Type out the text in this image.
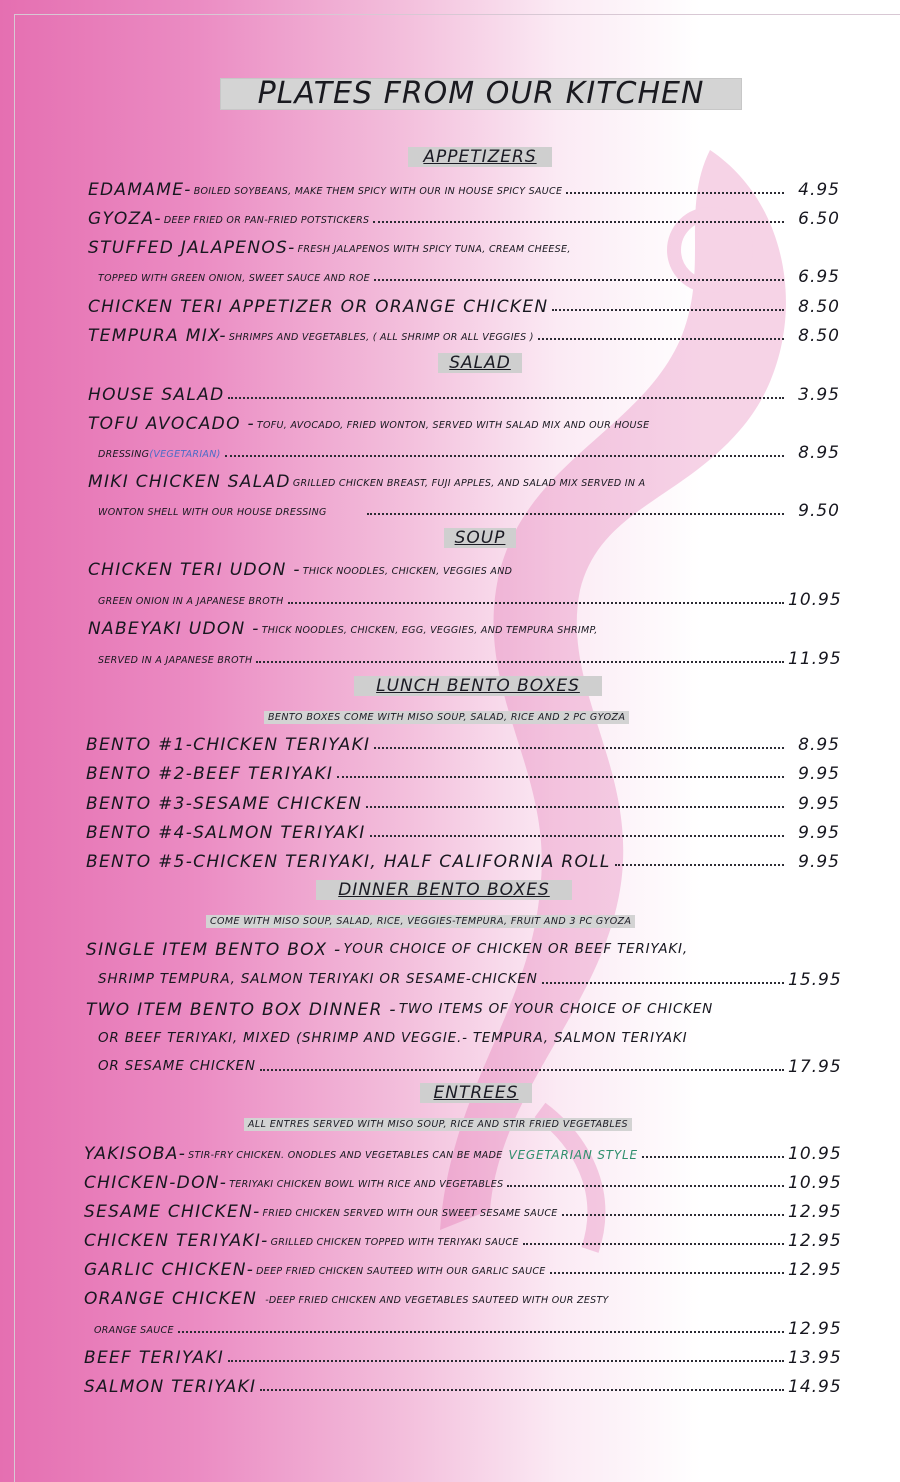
PLATES FROM OUR KITCHEN
APPETIZERS
EDAMAME- BOILED SOYBEANS, MAKE THEM SPICY WITH OUR IN HOUSE SPICY SAUCE	4.95
GYOZA- DEEP FRIED OR PAN-FRIED POTSTICKERS	6.50
STUFFED JALAPENOS- FRESH JALAPENOS WITH SPICY TUNA, CREAM CHEESE,
TOPPED WITH GREEN ONION, SWEET SAUCE AND ROE	6.95
CHICKEN TERI APPETIZER OR ORANGE CHICKEN	8.50
TEMPURA MIX- SHRIMPS AND VEGETABLES, ( ALL SHRIMP OR ALL VEGGIES )	8.50
SALAD
HOUSE SALAD	3.95
TOFU AVOCADO - TOFU, AVOCADO, FRIED WONTON, SERVED WITH SALAD MIX AND OUR HOUSE
DRESSING (VEGETARIAN)	8.95
MIKI CHICKEN SALAD GRILLED CHICKEN BREAST, FUJI APPLES, AND SALAD MIX SERVED IN A
WONTON SHELL WITH OUR HOUSE DRESSING	9.50
SOUP
CHICKEN TERI UDON - THICK NOODLES, CHICKEN, VEGGIES AND
GREEN ONION IN A JAPANESE BROTH	10.95
NABEYAKI UDON - THICK NOODLES, CHICKEN, EGG, VEGGIES, AND TEMPURA SHRIMP,
SERVED IN A JAPANESE BROTH	11.95
LUNCH BENTO BOXES
BENTO BOXES COME WITH MISO SOUP, SALAD, RICE AND 2 PC GYOZA
BENTO #1-CHICKEN TERIYAKI	8.95
BENTO #2-BEEF TERIYAKI	9.95
BENTO #3-SESAME CHICKEN	9.95
BENTO #4-SALMON TERIYAKI	9.95
BENTO #5-CHICKEN TERIYAKI, HALF CALIFORNIA ROLL	9.95
DINNER BENTO BOXES
COME WITH MISO SOUP, SALAD, RICE, VEGGIES-TEMPURA, FRUIT AND 3 PC GYOZA
SINGLE ITEM BENTO BOX - YOUR CHOICE OF CHICKEN OR BEEF TERIYAKI,
SHRIMP TEMPURA, SALMON TERIYAKI OR SESAME-CHICKEN	15.95
TWO ITEM BENTO BOX DINNER - TWO ITEMS OF YOUR CHOICE OF CHICKEN
OR BEEF TERIYAKI, MIXED (SHRIMP AND VEGGIE.- TEMPURA, SALMON TERIYAKI
OR SESAME CHICKEN	17.95
ENTREES
ALL ENTRES SERVED WITH MISO SOUP, RICE AND STIR FRIED VEGETABLES
YAKISOBA- STIR-FRY CHICKEN. ONODLES AND VEGETABLES CAN BE MADE VEGETARIAN STYLE	10.95
CHICKEN-DON- TERIYAKI CHICKEN BOWL WITH RICE AND VEGETABLES	10.95
SESAME CHICKEN- FRIED CHICKEN SERVED WITH OUR SWEET SESAME SAUCE	12.95
CHICKEN TERIYAKI- GRILLED CHICKEN TOPPED WITH TERIYAKI SAUCE	12.95
GARLIC CHICKEN- DEEP FRIED CHICKEN SAUTEED WITH OUR GARLIC SAUCE	12.95
ORANGE CHICKEN -DEEP FRIED CHICKEN AND VEGETABLES SAUTEED WITH OUR ZESTY
ORANGE SAUCE	12.95
BEEF TERIYAKI	13.95
SALMON TERIYAKI	14.95
